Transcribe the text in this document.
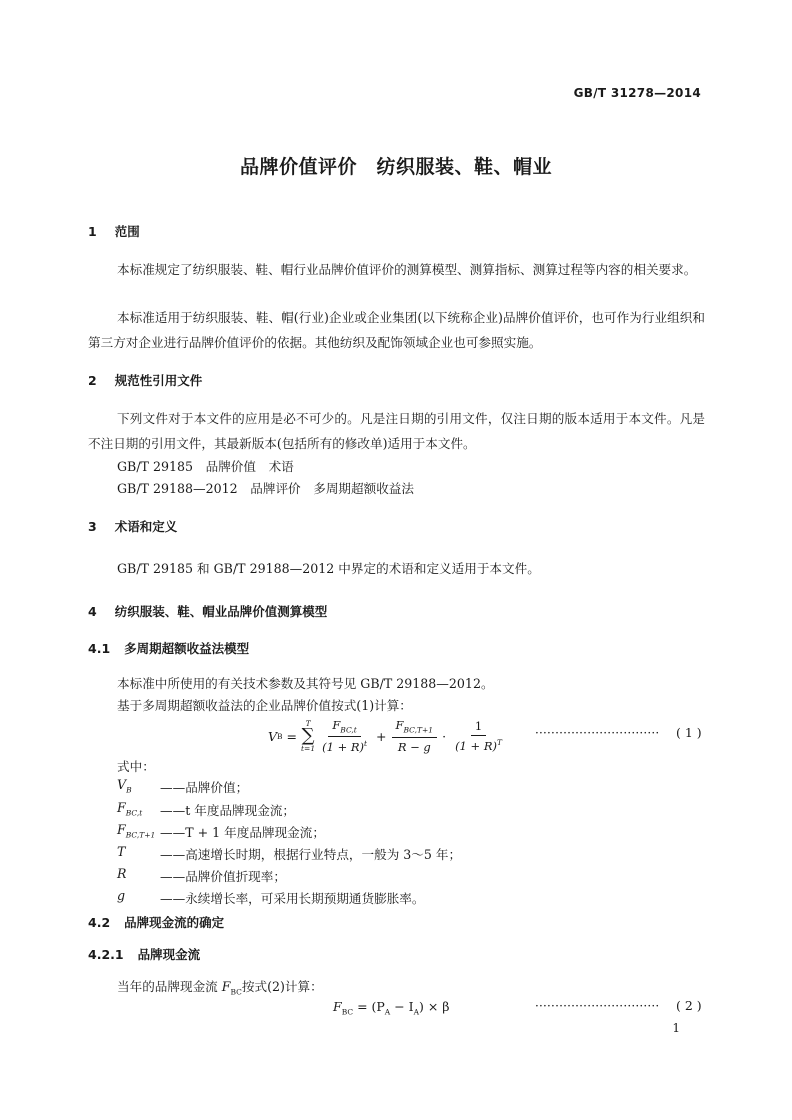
GB/T 31278—2014
品牌价值评价　纺织服装、鞋、帽业
1 范围
本标准规定了纺织服装、鞋、帽行业品牌价值评价的测算模型、测算指标、测算过程等内容的相关要求。
本标准适用于纺织服装、鞋、帽(行业)企业或企业集团(以下统称企业)品牌价值评价，也可作为行业组织和第三方对企业进行品牌价值评价的依据。其他纺织及配饰领域企业也可参照实施。
2 规范性引用文件
下列文件对于本文件的应用是必不可少的。凡是注日期的引用文件，仅注日期的版本适用于本文件。凡是不注日期的引用文件，其最新版本(包括所有的修改单)适用于本文件。
GB/T 29185　品牌价值　术语
GB/T 29188—2012　品牌评价　多周期超额收益法
3 术语和定义
GB/T 29185 和 GB/T 29188—2012 中界定的术语和定义适用于本文件。
4 纺织服装、鞋、帽业品牌价值测算模型
4.1 多周期超额收益法模型
本标准中所使用的有关技术参数及其符号见 GB/T 29188—2012。
基于多周期超额收益法的企业品牌价值按式(1)计算：
V B =
T
∑
$t=1 \frac{F_{BC,t}}{(1 + R)^t} + \frac{F_{BC,T+1}}{R - g} \cdot \frac{1}{(1 + R)^T}$ ······························· ( 1 )
式中：
$V_B$ ——品牌价值；
$F_{BC,t}$ ——t 年度品牌现金流；
$F_{BC,T+1}$ ——T + 1 年度品牌现金流；
T	——高速增长时期，根据行业特点，一般为 3～5 年；
R	——品牌价值折现率；
g	——永续增长率，可采用长期预期通货膨胀率。
4.2 品牌现金流的确定
4.2.1 品牌现金流
当年的品牌现金流 $F_{BC}$按式(2)计算：
$F_{BC} = (P_A - I_A) \times \beta$	······························· ( 2 )
1
